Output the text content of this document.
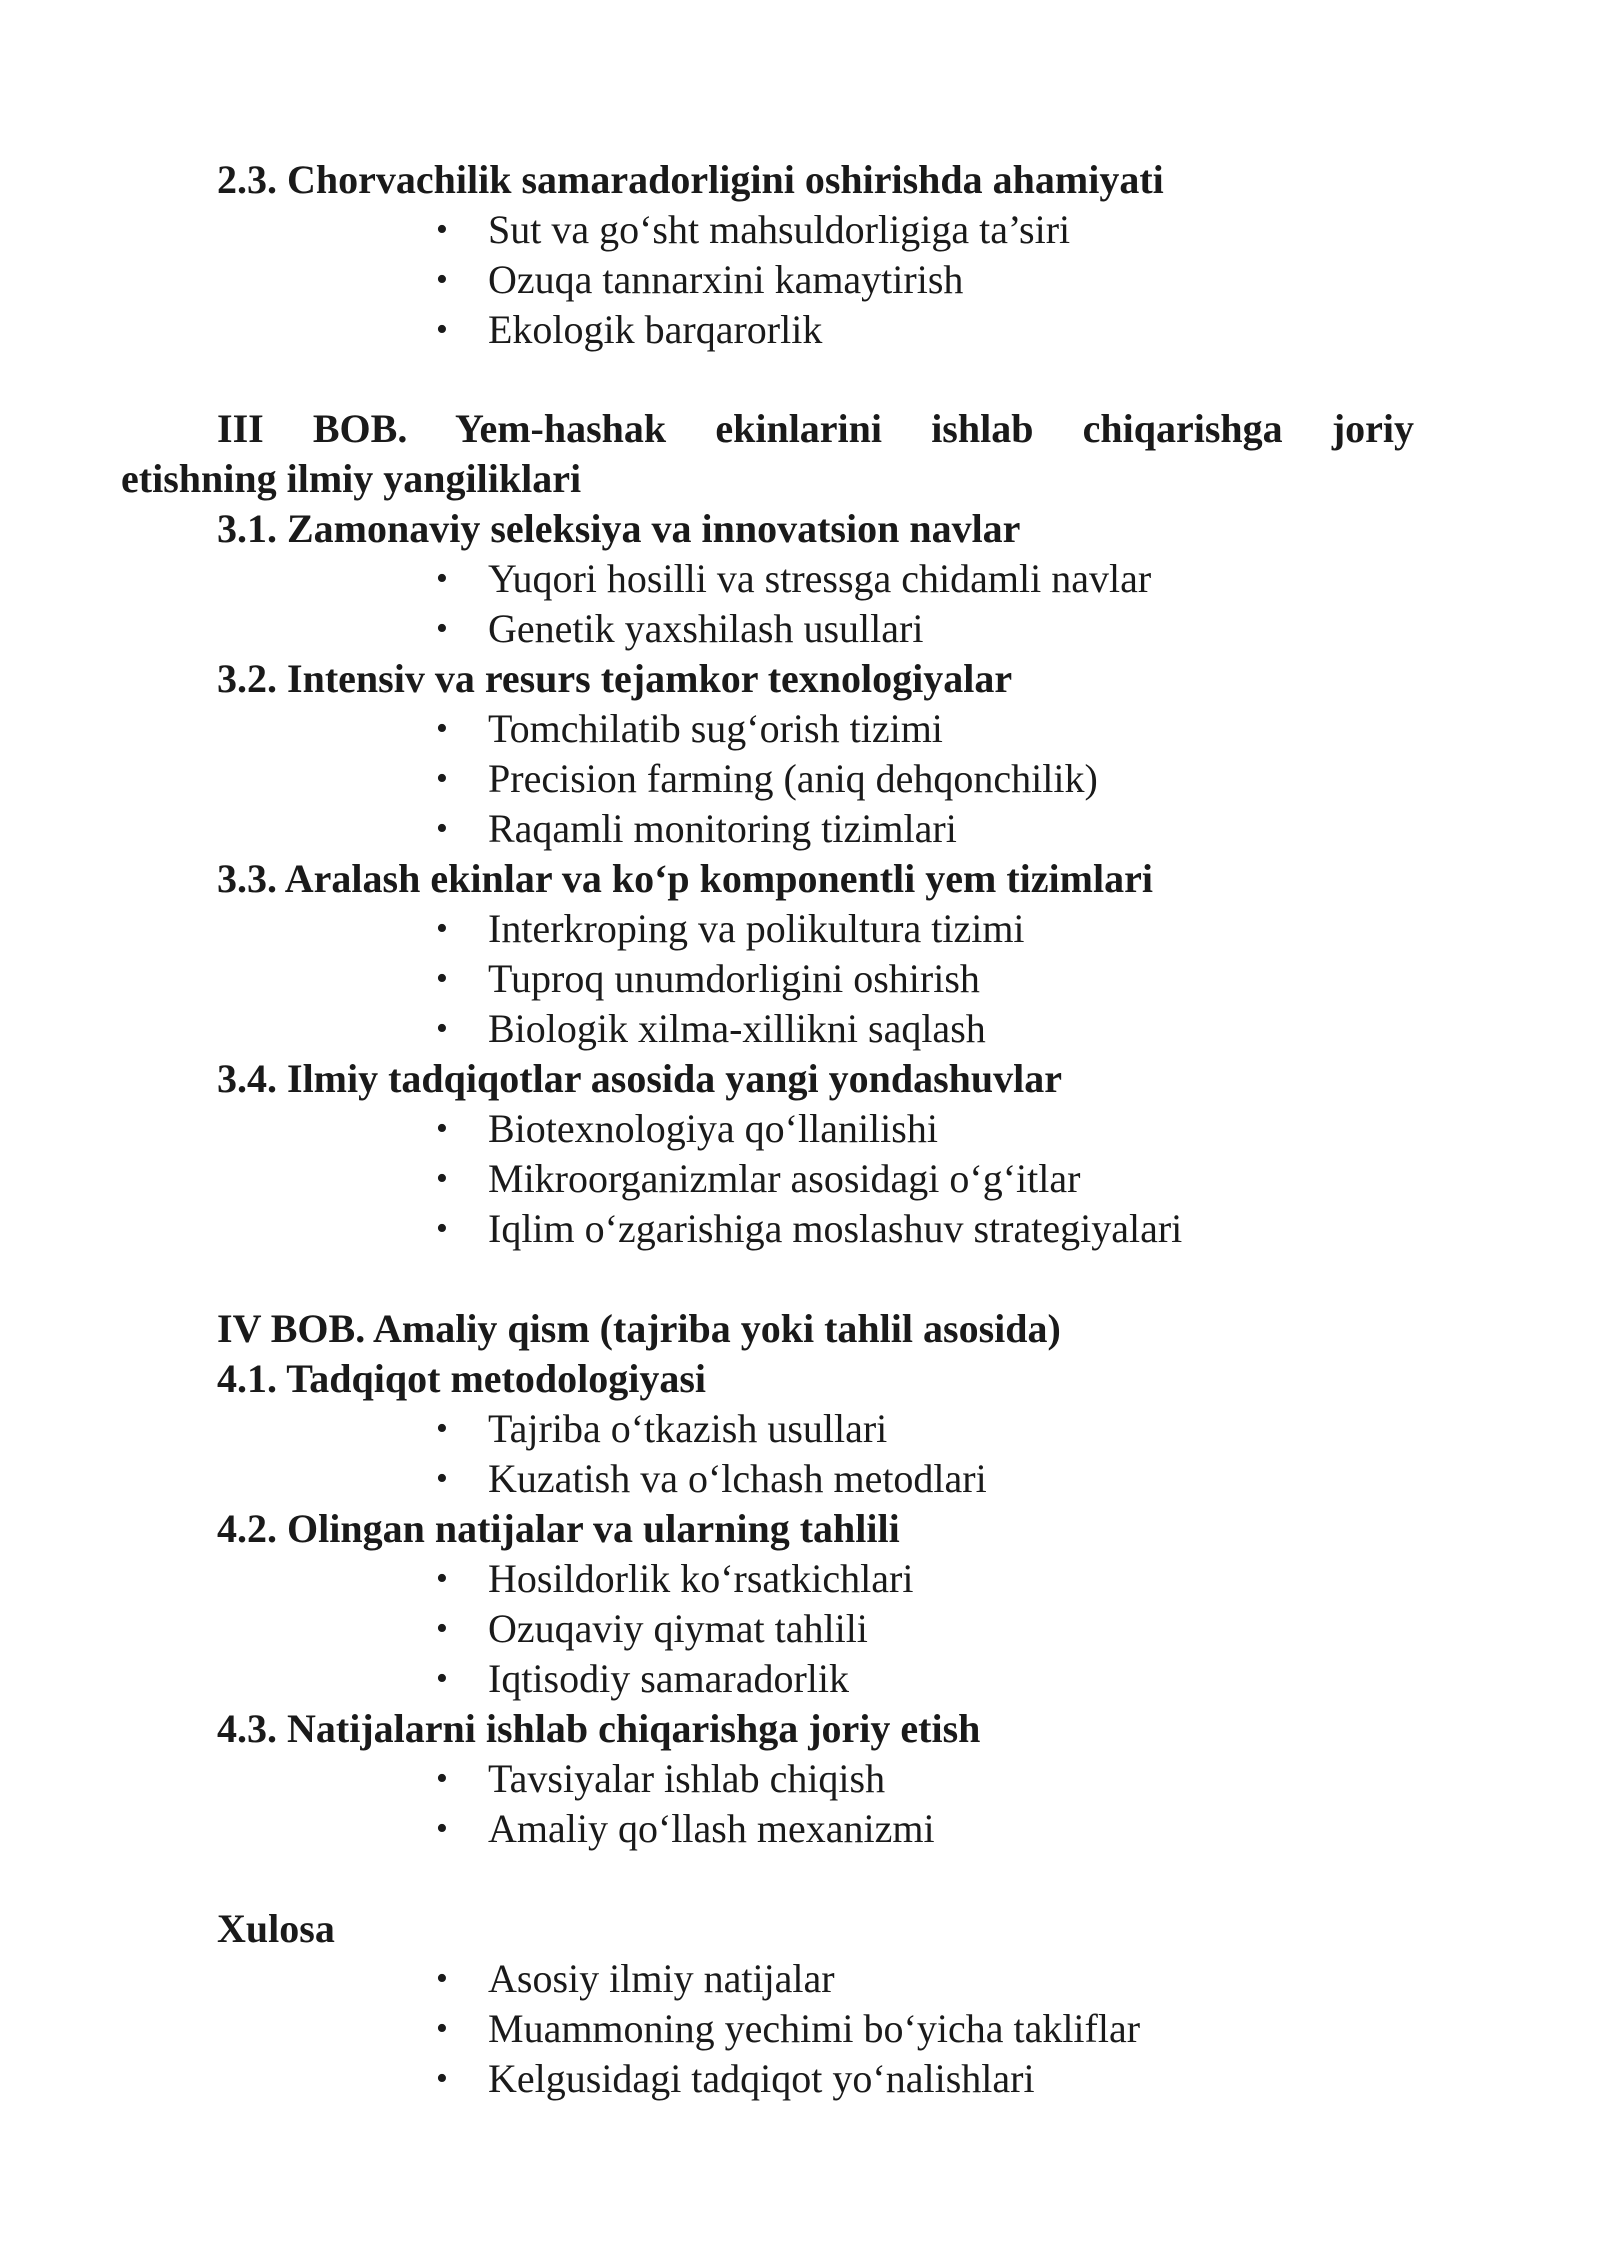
2.3. Chorvachilik samaradorligini oshirishda ahamiyati
• Sut va go‘sht mahsuldorligiga ta’siri
• Ozuqa tannarxini kamaytirish
• Ekologik barqarorlik
III BOB. Yem-hashak ekinlarini ishlab chiqarishga joriy
etishning ilmiy yangiliklari
3.1. Zamonaviy seleksiya va innovatsion navlar
• Yuqori hosilli va stressga chidamli navlar
• Genetik yaxshilash usullari
3.2. Intensiv va resurs tejamkor texnologiyalar
• Tomchilatib sug‘orish tizimi
• Precision farming (aniq dehqonchilik)
• Raqamli monitoring tizimlari
3.3. Aralash ekinlar va ko‘p komponentli yem tizimlari
• Interkroping va polikultura tizimi
• Tuproq unumdorligini oshirish
• Biologik xilma-xillikni saqlash
3.4. Ilmiy tadqiqotlar asosida yangi yondashuvlar
• Biotexnologiya qo‘llanilishi
• Mikroorganizmlar asosidagi o‘g‘itlar
• Iqlim o‘zgarishiga moslashuv strategiyalari
IV BOB. Amaliy qism (tajriba yoki tahlil asosida)
4.1. Tadqiqot metodologiyasi
• Tajriba o‘tkazish usullari
• Kuzatish va o‘lchash metodlari
4.2. Olingan natijalar va ularning tahlili
• Hosildorlik ko‘rsatkichlari
• Ozuqaviy qiymat tahlili
• Iqtisodiy samaradorlik
4.3. Natijalarni ishlab chiqarishga joriy etish
• Tavsiyalar ishlab chiqish
• Amaliy qo‘llash mexanizmi
Xulosa
• Asosiy ilmiy natijalar
• Muammoning yechimi bo‘yicha takliflar
• Kelgusidagi tadqiqot yo‘nalishlari
